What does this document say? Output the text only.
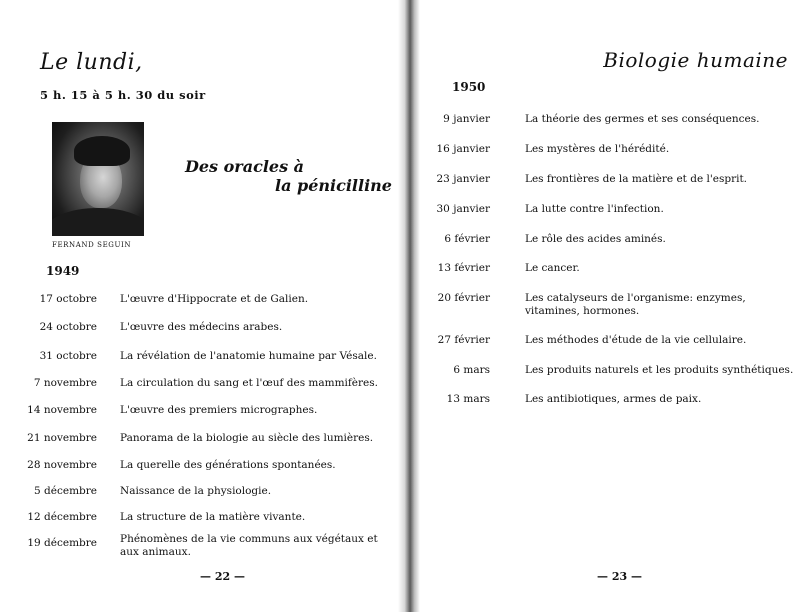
Le lundi,
5 h. 15 à 5 h. 30 du soir
FERNAND SEGUIN
Des oracles à
la pénicilline
1949
17 octobre L'œuvre d'Hippocrate et de Galien.
24 octobre L'œuvre des médecins arabes.
31 octobre La révélation de l'anatomie humaine par Vésale.
7 novembre La circulation du sang et l'œuf des mammifères.
14 novembre L'œuvre des premiers micrographes.
21 novembre Panorama de la biologie au siècle des lumières.
28 novembre La querelle des générations spontanées.
5 décembre Naissance de la physiologie.
12 décembre La structure de la matière vivante.
19 décembre Phénomènes de la vie communs aux végétaux et aux animaux.
— 22 —
Biologie humaine
1950
9 janvier	La théorie des germes et ses conséquences.
16 janvier	Les mystères de l'hérédité.
23 janvier	Les frontières de la matière et de l'esprit.
30 janvier	La lutte contre l'infection.
6 février	Le rôle des acides aminés.
13 février	Le cancer.
20 février	Les catalyseurs de l'organisme: enzymes, vitamines, hormones.
27 février	Les méthodes d'étude de la vie cellulaire.
6 mars	Les produits naturels et les produits synthétiques.
13 mars	Les antibiotiques, armes de paix.
— 23 —
